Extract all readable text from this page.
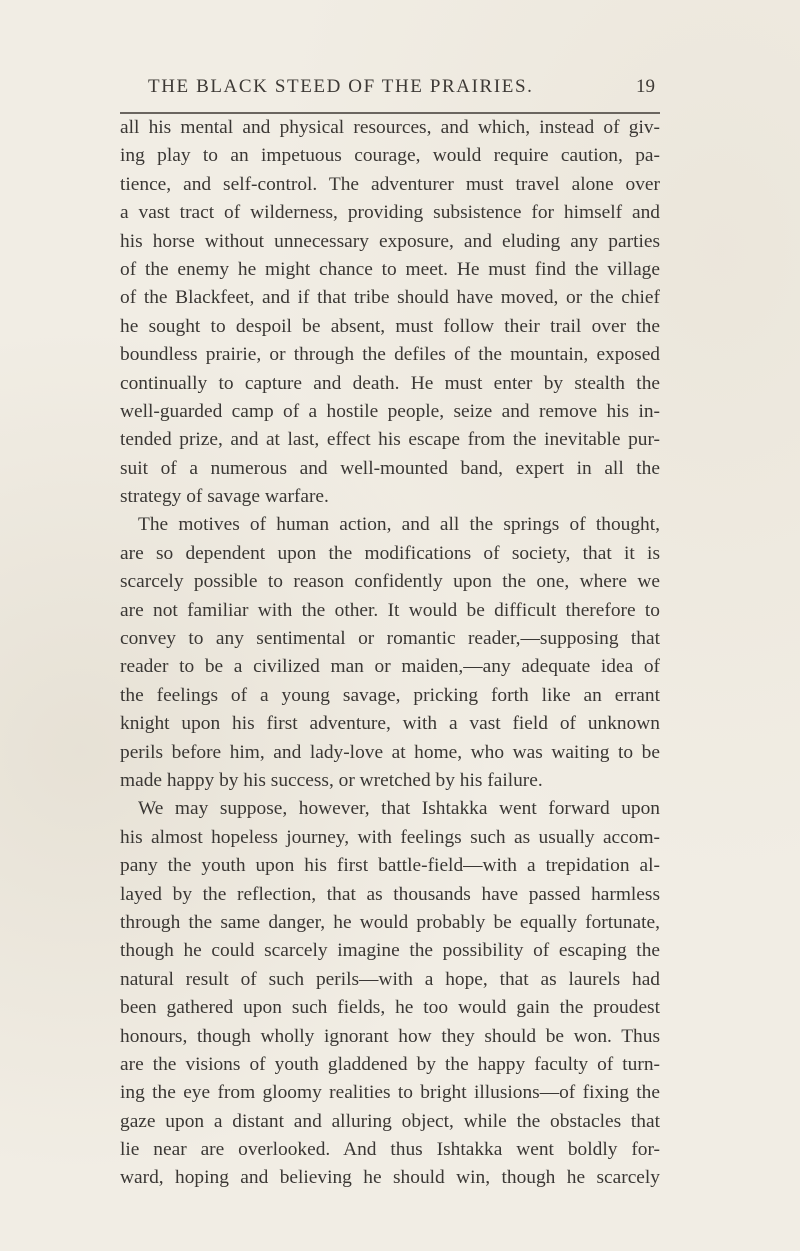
THE BLACK STEED OF THE PRAIRIES.	19
all his mental and physical resources, and which, instead of giv-
ing play to an impetuous courage, would require caution, pa-
tience, and self-control. The adventurer must travel alone over
a vast tract of wilderness, providing subsistence for himself and
his horse without unnecessary exposure, and eluding any parties
of the enemy he might chance to meet. He must find the village
of the Blackfeet, and if that tribe should have moved, or the chief
he sought to despoil be absent, must follow their trail over the
boundless prairie, or through the defiles of the mountain, exposed
continually to capture and death. He must enter by stealth the
well-guarded camp of a hostile people, seize and remove his in-
tended prize, and at last, effect his escape from the inevitable pur-
suit of a numerous and well-mounted band, expert in all the
strategy of savage warfare.
The motives of human action, and all the springs of thought,
are so dependent upon the modifications of society, that it is
scarcely possible to reason confidently upon the one, where we
are not familiar with the other. It would be difficult therefore to
convey to any sentimental or romantic reader,—supposing that
reader to be a civilized man or maiden,—any adequate idea of
the feelings of a young savage, pricking forth like an errant
knight upon his first adventure, with a vast field of unknown
perils before him, and lady-love at home, who was waiting to be
made happy by his success, or wretched by his failure.
We may suppose, however, that Ishtakka went forward upon
his almost hopeless journey, with feelings such as usually accom-
pany the youth upon his first battle-field—with a trepidation al-
layed by the reflection, that as thousands have passed harmless
through the same danger, he would probably be equally fortunate,
though he could scarcely imagine the possibility of escaping the
natural result of such perils—with a hope, that as laurels had
been gathered upon such fields, he too would gain the proudest
honours, though wholly ignorant how they should be won. Thus
are the visions of youth gladdened by the happy faculty of turn-
ing the eye from gloomy realities to bright illusions—of fixing the
gaze upon a distant and alluring object, while the obstacles that
lie near are overlooked. And thus Ishtakka went boldly for-
ward, hoping and believing he should win, though he scarcely
